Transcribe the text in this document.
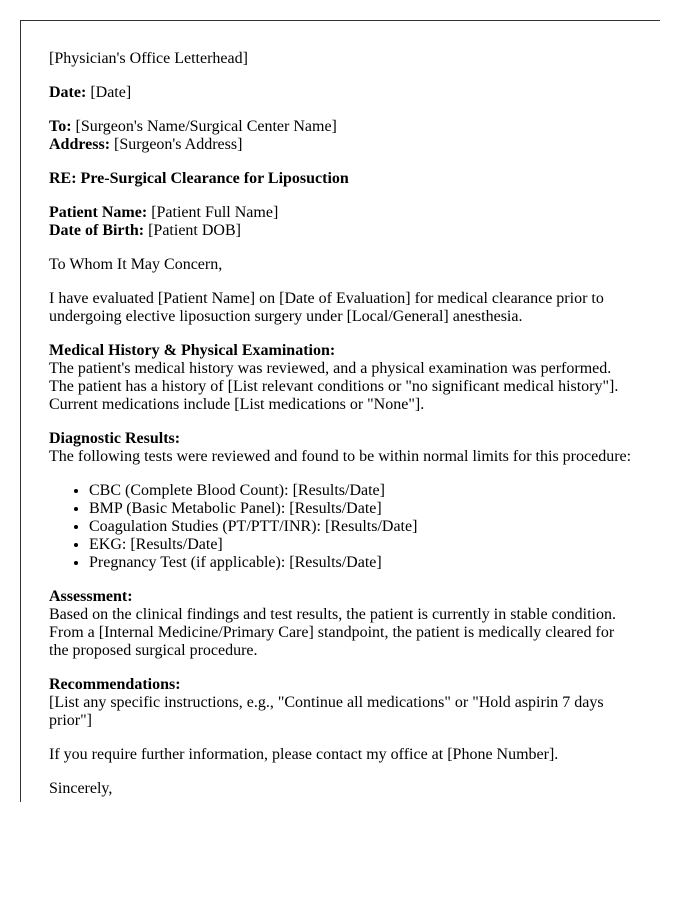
[Physician's Office Letterhead]

Date: [Date]

To: [Surgeon's Name/Surgical Center Name]
Address: [Surgeon's Address]

RE: Pre-Surgical Clearance for Liposuction

Patient Name: [Patient Full Name]
Date of Birth: [Patient DOB]

To Whom It May Concern,

I have evaluated [Patient Name] on [Date of Evaluation] for medical clearance prior to undergoing elective liposuction surgery under [Local/General] anesthesia.

Medical History & Physical Examination:
The patient's medical history was reviewed, and a physical examination was performed. The patient has a history of [List relevant conditions or "no significant medical history"]. Current medications include [List medications or "None"].

Diagnostic Results:
The following tests were reviewed and found to be within normal limits for this procedure:

• CBC (Complete Blood Count): [Results/Date]
• BMP (Basic Metabolic Panel): [Results/Date]
• Coagulation Studies (PT/PTT/INR): [Results/Date]
• EKG: [Results/Date]
• Pregnancy Test (if applicable): [Results/Date]

Assessment:
Based on the clinical findings and test results, the patient is currently in stable condition. From a [Internal Medicine/Primary Care] standpoint, the patient is medically cleared for the proposed surgical procedure.

Recommendations:
[List any specific instructions, e.g., "Continue all medications" or "Hold aspirin 7 days prior"]

If you require further information, please contact my office at [Phone Number].

Sincerely,
